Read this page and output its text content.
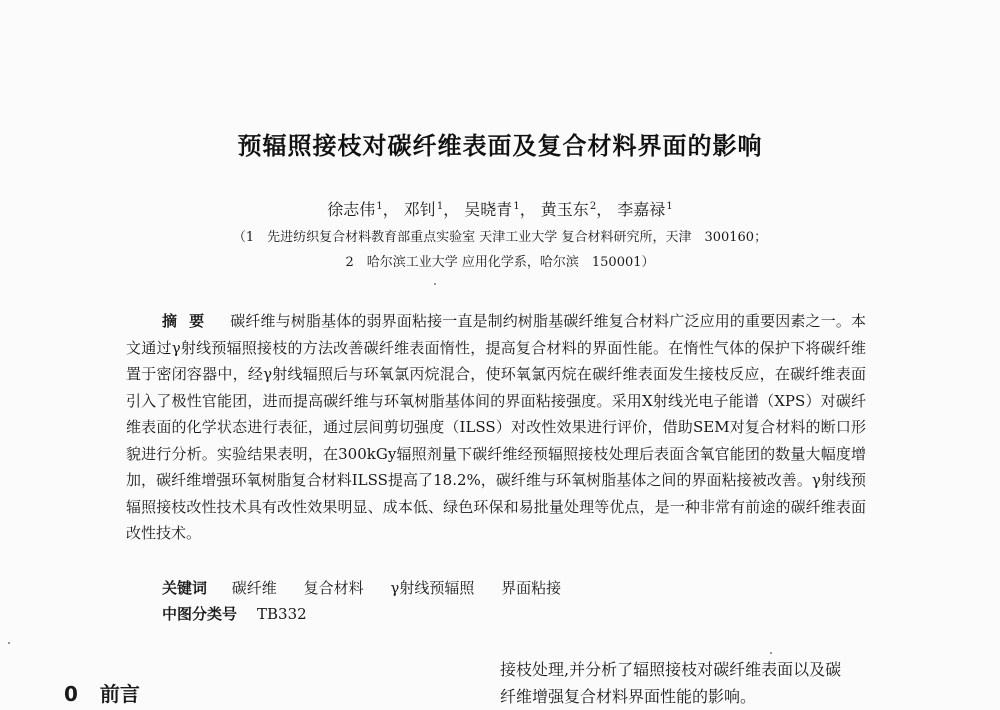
预辐照接枝对碳纤维表面及复合材料界面的影响
徐志伟$^1$， 邓钊$^1$， 吴晓青$^1$， 黄玉东$^2$， 李嘉禄$^1$
（1　先进纺织复合材料教育部重点实验室 天津工业大学 复合材料研究所，天津　300160；
2　哈尔滨工业大学 应用化学系，哈尔滨　150001）
摘要 碳纤维与树脂基体的弱界面粘接一直是制约树脂基碳纤维复合材料广泛应用的重要因素之一。本文通过γ射线预辐照接枝的方法改善碳纤维表面惰性，提高复合材料的界面性能。在惰性气体的保护下将碳纤维置于密闭容器中，经γ射线辐照后与环氧氯丙烷混合，使环氧氯丙烷在碳纤维表面发生接枝反应，在碳纤维表面引入了极性官能团，进而提高碳纤维与环氧树脂基体间的界面粘接强度。采用X射线光电子能谱（XPS）对碳纤维表面的化学状态进行表征，通过层间剪切强度（ILSS）对改性效果进行评价，借助SEM对复合材料的断口形貌进行分析。实验结果表明，在300kGy辐照剂量下碳纤维经预辐照接枝处理后表面含氧官能团的数量大幅度增加，碳纤维增强环氧树脂复合材料ILSS提高了18.2%，碳纤维与环氧树脂基体之间的界面粘接被改善。γ射线预辐照接枝改性技术具有改性效果明显、成本低、绿色环保和易批量处理等优点，是一种非常有前途的碳纤维表面改性技术。
关键词 碳纤维 复合材料 γ射线预辐照 界面粘接
中图分类号 TB332
0 前言
接枝处理,并分析了辐照接枝对碳纤维表面以及碳
纤维增强复合材料界面性能的影响。
